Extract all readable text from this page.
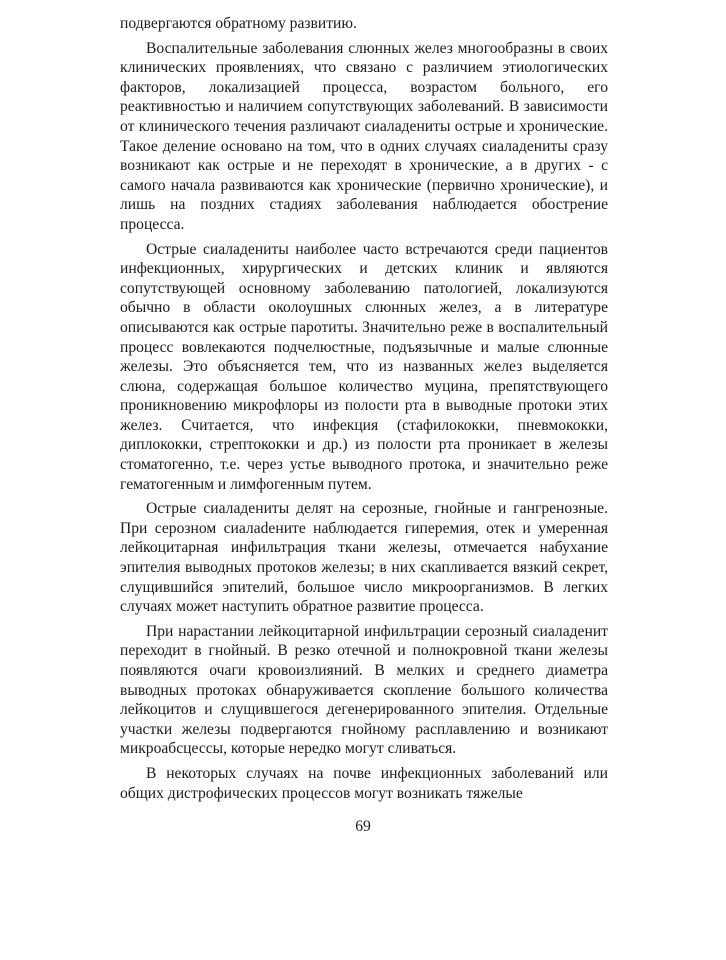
подвергаются обратному развитию.

Воспалительные заболевания слюнных желез многообразны в своих клинических проявлениях, что связано с различием этиологических факторов, локализацией процесса, возрастом больного, его реактивностью и наличием сопутствующих заболеваний. В зависимости от клинического течения различают сиаладениты острые и хронические. Такое деление основано на том, что в одних случаях сиаладениты сразу возникают как острые и не переходят в хронические, а в других - с самого начала развиваются как хронические (первично хронические), и лишь на поздних стадиях заболевания наблюдается обострение процесса.

Острые сиаладениты наиболее часто встречаются среди пациентов инфекционных, хирургических и детских клиник и являются сопутствующей основному заболеванию патологией, локализуются обычно в области околоушных слюнных желез, а в литературе описываются как острые паротиты. Значительно реже в воспалительный процесс вовлекаются подчелюстные, подъязычные и малые слюнные железы. Это объясняется тем, что из названных желез выделяется слюна, содержащая большое количество муцина, препятствующего проникновению микрофлоры из полости рта в выводные протоки этих желез. Считается, что инфекция (стафилококки, пневмококки, диплококки, стрептококки и др.) из полости рта проникает в железы стоматогенно, т.е. через устье выводного протока, и значительно реже гематогенным и лимфогенным путем.

Острые сиаладениты делят на серозные, гнойные и гангренозные. При серозном сиалadените наблюдается гиперемия, отек и умеренная лейкоцитарная инфильтрация ткани железы, отмечается набухание эпителия выводных протоков железы; в них скапливается вязкий секрет, слущившийся эпителий, большое число микроорганизмов. В легких случаях может наступить обратное развитие процесса.

При нарастании лейкоцитарной инфильтрации серозный сиаладенит переходит в гнойный. В резко отечной и полнокровной ткани железы появляются очаги кровоизлияний. В мелких и среднего диаметра выводных протоках обнаруживается скопление большого количества лейкоцитов и слущившегося дегенерированного эпителия. Отдельные участки железы подвергаются гнойному расплавлению и возникают микроабсцессы, которые нередко могут сливаться.

В некоторых случаях на почве инфекционных заболеваний или общих дистрофических процессов могут возникать тяжелые

69
